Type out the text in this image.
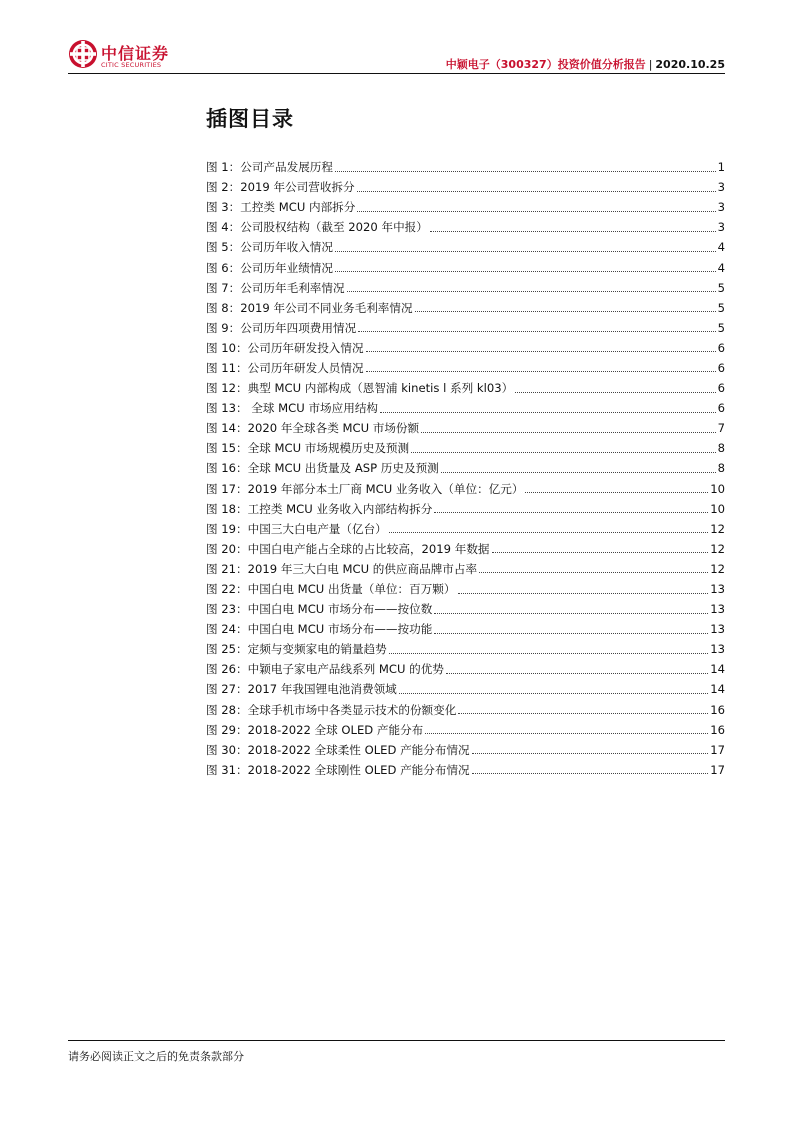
中信证券
CITIC SECURITIES	中颖电子（300327）投资价值分析报告 | 2020.10.25
插图目录
图 1：公司产品发展历程	1
图 2：2019 年公司营收拆分	3
图 3：工控类 MCU 内部拆分	3
图 4：公司股权结构（截至 2020 年中报）	3
图 5：公司历年收入情况	4
图 6：公司历年业绩情况	4
图 7：公司历年毛利率情况	5
图 8：2019 年公司不同业务毛利率情况	5
图 9：公司历年四项费用情况	5
图 10：公司历年研发投入情况	6
图 11：公司历年研发人员情况	6
图 12：典型 MCU 内部构成（恩智浦 kinetis l 系列 kl03）	6
图 13： 全球 MCU 市场应用结构	6
图 14：2020 年全球各类 MCU 市场份额	7
图 15：全球 MCU 市场规模历史及预测	8
图 16：全球 MCU 出货量及 ASP 历史及预测	8
图 17：2019 年部分本土厂商 MCU 业务收入（单位：亿元）	10
图 18：工控类 MCU 业务收入内部结构拆分	10
图 19：中国三大白电产量（亿台）	12
图 20：中国白电产能占全球的占比较高，2019 年数据	12
图 21：2019 年三大白电 MCU 的供应商品牌市占率	12
图 22：中国白电 MCU 出货量（单位：百万颗）	13
图 23：中国白电 MCU 市场分布——按位数	13
图 24：中国白电 MCU 市场分布——按功能	13
图 25：定频与变频家电的销量趋势	13
图 26：中颖电子家电产品线系列 MCU 的优势	14
图 27：2017 年我国锂电池消费领域	14
图 28：全球手机市场中各类显示技术的份额变化	16
图 29：2018-2022 全球 OLED 产能分布	16
图 30：2018-2022 全球柔性 OLED 产能分布情况	17
图 31：2018-2022 全球刚性 OLED 产能分布情况	17
请务必阅读正文之后的免责条款部分
